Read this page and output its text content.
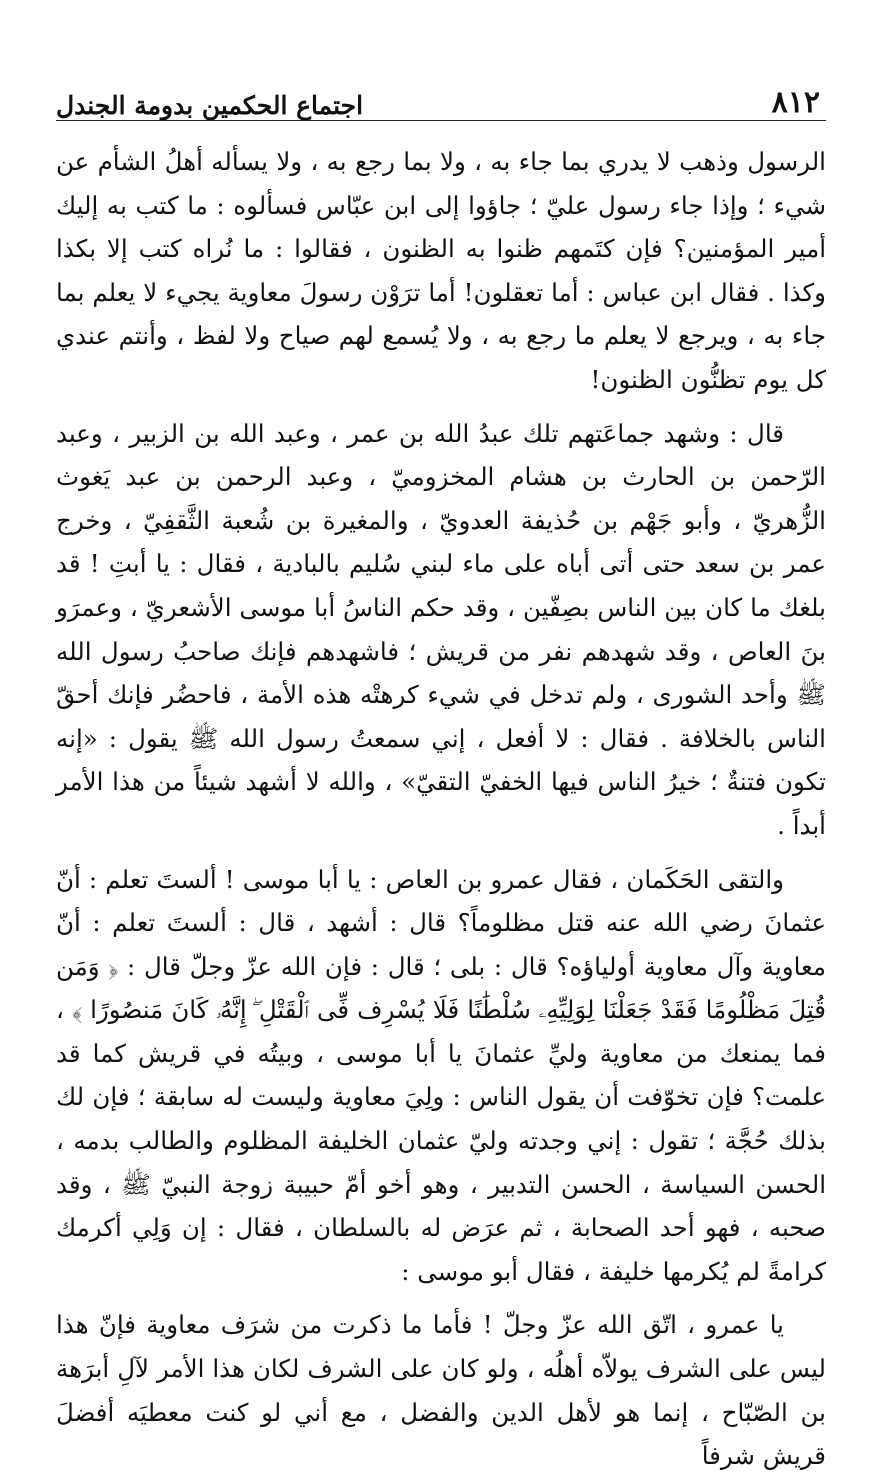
٨١٢
اجتماع الحكمين بدومة الجندل

الرسول وذهب لا يدري بما جاء به ، ولا بما رجع به ، ولا يسأله أهلُ الشأم عن شيء ؛ وإذا جاء رسول عليّ ؛ جاؤوا إلى ابن عبّاس فسألوه : ما كتب به إليك أمير المؤمنين؟ فإن كتَمهم ظنوا به الظنون ، فقالوا : ما نُراه كتب إلا بكذا وكذا . فقال ابن عباس : أما تعقلون! أما ترَوْن رسولَ معاوية يجيء لا يعلم بما جاء به ، ويرجع لا يعلم ما رجع به ، ولا يُسمع لهم صياح ولا لفظ ، وأنتم عندي كل يوم تظنُّون الظنون!

قال : وشهد جماعَتهم تلك عبدُ الله بن عمر ، وعبد الله بن الزبير ، وعبد الرّحمن بن الحارث بن هشام المخزوميّ ، وعبد الرحمن بن عبد يَغوث الزُّهريّ ، وأبو جَهْم بن حُذيفة العدويّ ، والمغيرة بن شُعبة الثَّقفِيّ ، وخرج عمر بن سعد حتى أتى أباه على ماء لبني سُليم بالبادية ، فقال : يا أبتِ ! قد بلغك ما كان بين الناس بصِفّين ، وقد حكم الناسُ أبا موسى الأشعريّ ، وعمرَو بنَ العاص ، وقد شهدهم نفر من قريش ؛ فاشهدهم فإنك صاحبُ رسول الله ﷺ وأحد الشورى ، ولم تدخل في شيء كرهتْه هذه الأمة ، فاحضُر فإنك أحقّ الناس بالخلافة . فقال : لا أفعل ، إني سمعتُ رسول الله ﷺ يقول : «إنه تكون فتنةٌ ؛ خيرُ الناس فيها الخفيّ التقيّ» ، والله لا أشهد شيئاً من هذا الأمر أبداً .

والتقى الحَكَمان ، فقال عمرو بن العاص : يا أبا موسى ! ألستَ تعلم : أنّ عثمانَ رضي الله عنه قتل مظلوماً؟ قال : أشهد ، قال : ألستَ تعلم : أنّ معاوية وآل معاوية أولياؤه؟ قال : بلى ؛ قال : فإن الله عزّ وجلّ قال : ﴿ وَمَن قُتِلَ مَظْلُومًا فَقَدْ جَعَلْنَا لِوَلِيِّهِۦ سُلْطَٰنًا فَلَا يُسْرِف فِّى ٱلْقَتْلِ ۖ إِنَّهُۥ كَانَ مَنصُورًا ﴾ ، فما يمنعك من معاوية وليِّ عثمانَ يا أبا موسى ، وبيتُه في قريش كما قد علمت؟ فإن تخوّفت أن يقول الناس : ولِيَ معاوية وليست له سابقة ؛ فإن لك بذلك حُجَّة ؛ تقول : إني وجدته وليّ عثمان الخليفة المظلوم والطالب بدمه ، الحسن السياسة ، الحسن التدبير ، وهو أخو أمّ حبيبة زوجة النبيّ ﷺ ، وقد صحبه ، فهو أحد الصحابة ، ثم عرَض له بالسلطان ، فقال : إن وَلِي أكرمك كرامةً لم يُكرمها خليفة ، فقال أبو موسى :

يا عمرو ، اتّق الله عزّ وجلّ ! فأما ما ذكرت من شرَف معاوية فإنّ هذا ليس على الشرف يولاّه أهلُه ، ولو كان على الشرف لكان هذا الأمر لآلِ أبرَهة بن الصّبّاح ، إنما هو لأهل الدين والفضل ، مع أني لو كنت معطيَه أفضلَ قريش شرفاً
